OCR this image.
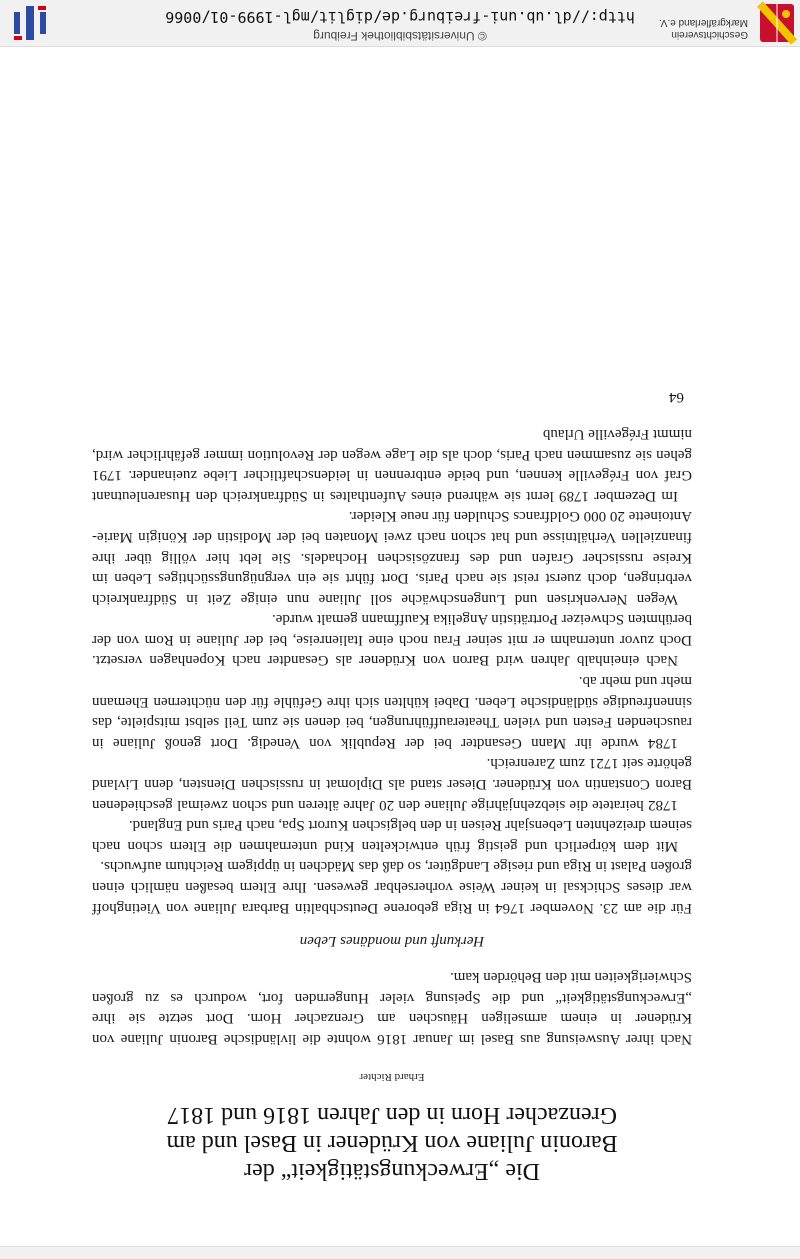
Geschichtsverein
Markgräflerland e.V.
© Universitätsbibliothek Freiburg
http://dl.ub.uni-freiburg.de/diglit/mgl-1999-01/0066
Die „Erweckungstätigkeit“ der
Baronin Juliane von Krüdener in Basel und am
Grenzacher Horn in den Jahren 1816 und 1817
Erhard Richter

Nach ihrer Ausweisung aus Basel im Januar 1816 wohnte die livländische Baronin Juliane von Krüdener in einem armseligen Häuschen am Grenzacher Horn. Dort setzte sie ihre „Erweckungstätigkeit“ und die Speisung vieler Hungernden fort, wodurch es zu großen Schwierigkeiten mit den Behörden kam.

Herkunft und mondänes Leben

Für die am 23. November 1764 in Riga geborene Deutschbaltin Barbara Juliane von Vietinghoff war dieses Schicksal in keiner Weise vorhersehbar gewesen. Ihre Eltern besaßen nämlich einen großen Palast in Riga und riesige Landgüter, so daß das Mädchen in üppigem Reichtum aufwuchs.

Mit dem körperlich und geistig früh entwickelten Kind unternahmen die Eltern schon nach seinem dreizehnten Lebensjahr Reisen in den belgischen Kurort Spa, nach Paris und England.

1782 heiratete die siebzehnjährige Juliane den 20 Jahre älteren und schon zweimal geschiedenen Baron Constantin von Krüdener. Dieser stand als Diplomat in russischen Diensten, denn Livland gehörte seit 1721 zum Zarenreich.

1784 wurde ihr Mann Gesandter bei der Republik von Venedig. Dort genoß Juliane in rauschenden Festen und vielen Theateraufführungen, bei denen sie zum Teil selbst mitspielte, das sinnenfreudige südländische Leben. Dabei kühlten sich ihre Gefühle für den nüchternen Ehemann mehr und mehr ab.

Nach eineinhalb Jahren wird Baron von Krüdener als Gesandter nach Kopenhagen versetzt. Doch zuvor unternahm er mit seiner Frau noch eine Italienreise, bei der Juliane in Rom von der berühmten Schweizer Porträtistin Angelika Kauffmann gemalt wurde.

Wegen Nervenkrisen und Lungenschwäche soll Juliane nun einige Zeit in Südfrankreich verbringen, doch zuerst reist sie nach Paris. Dort führt sie ein vergnügungssüchtiges Leben im Kreise russischer Grafen und des französischen Hochadels. Sie lebt hier völlig über ihre finanziellen Verhältnisse und hat schon nach zwei Monaten bei der Modistin der Königin Marie-Antoinette 20 000 Goldfrancs Schulden für neue Kleider.

Im Dezember 1789 lernt sie während eines Aufenthaltes in Südfrankreich den Husarenleutnant Graf von Frégeville kennen, und beide entbrennen in leidenschaftlicher Liebe zueinander. 1791 gehen sie zusammen nach Paris, doch als die Lage wegen der Revolution immer gefährlicher wird, nimmt Frégeville Urlaub

64
